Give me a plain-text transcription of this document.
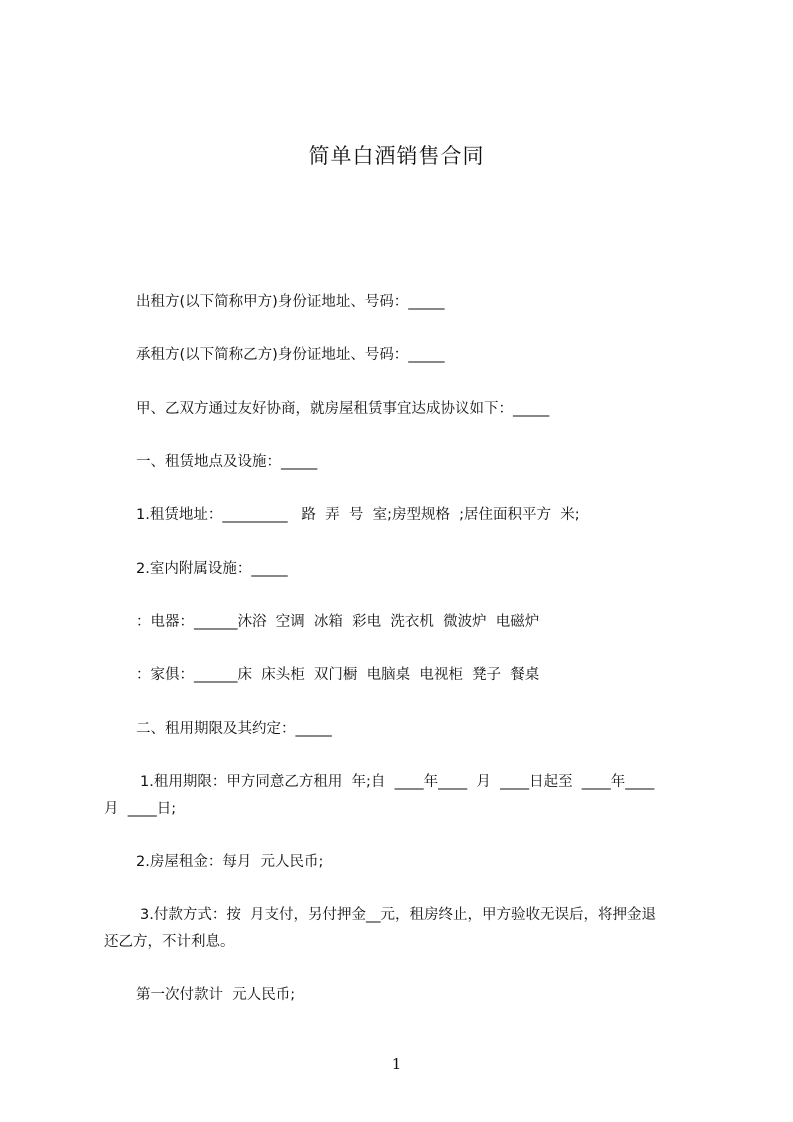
简单白酒销售合同
出租方(以下简称甲方)身份证地址、号码：_____
承租方(以下简称乙方)身份证地址、号码：_____
甲、乙双方通过友好协商，就房屋租赁事宜达成协议如下：_____
一、租赁地点及设施：_____
1.租赁地址：_________   路  弄  号  室;房型规格  ;居住面积平方  米;
2.室内附属设施：_____
：电器：______沐浴  空调  冰箱  彩电  洗衣机  微波炉  电磁炉
：家俱：______床  床头柜  双门橱  电脑桌  电视柜  凳子  餐桌
二、租用期限及其约定：_____
1.租用期限：甲方同意乙方租用  年;自  ____年____  月  ____日起至  ____年____
月  ____日;
2.房屋租金：每月  元人民币;
3.付款方式：按  月支付，另付押金__元，租房终止，甲方验收无误后，将押金退
还乙方，不计利息。
第一次付款计  元人民币;
1
